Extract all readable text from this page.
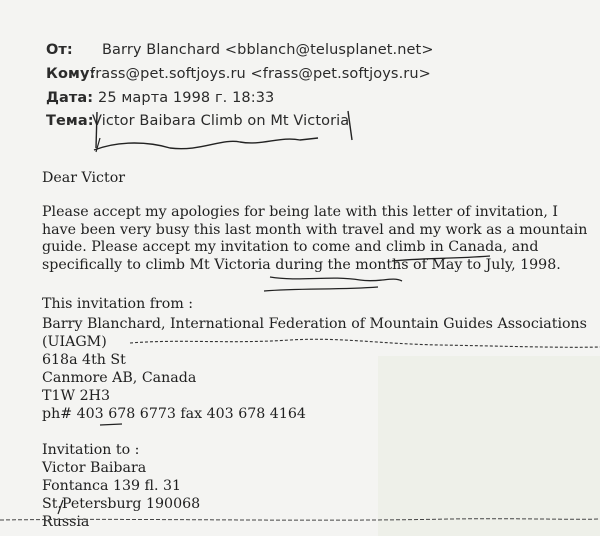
От: Barry Blanchard <bblanch@telusplanet.net>
Кому:frass@pet.softjoys.ru <frass@pet.softjoys.ru>
Дата: 25 марта 1998 г. 18:33
Тема:Victor Baibara Climb on Mt Victoria
Dear Victor
Please accept my apologies for being late with this letter of invitation, I
have been very busy this last month with travel and my work as a mountain
guide. Please accept my invitation to come and climb in Canada, and
specifically to climb Mt Victoria during the months of May to July, 1998.
This invitation from :
Barry Blanchard, International Federation of Mountain Guides Associations
(UIAGM)
618a 4th St
Canmore AB, Canada
T1W 2H3
ph# 403 678 6773 fax 403 678 4164
Invitation to :
Victor Baibara
Fontanca 139 fl. 31
St.Petersburg 190068
Russia
